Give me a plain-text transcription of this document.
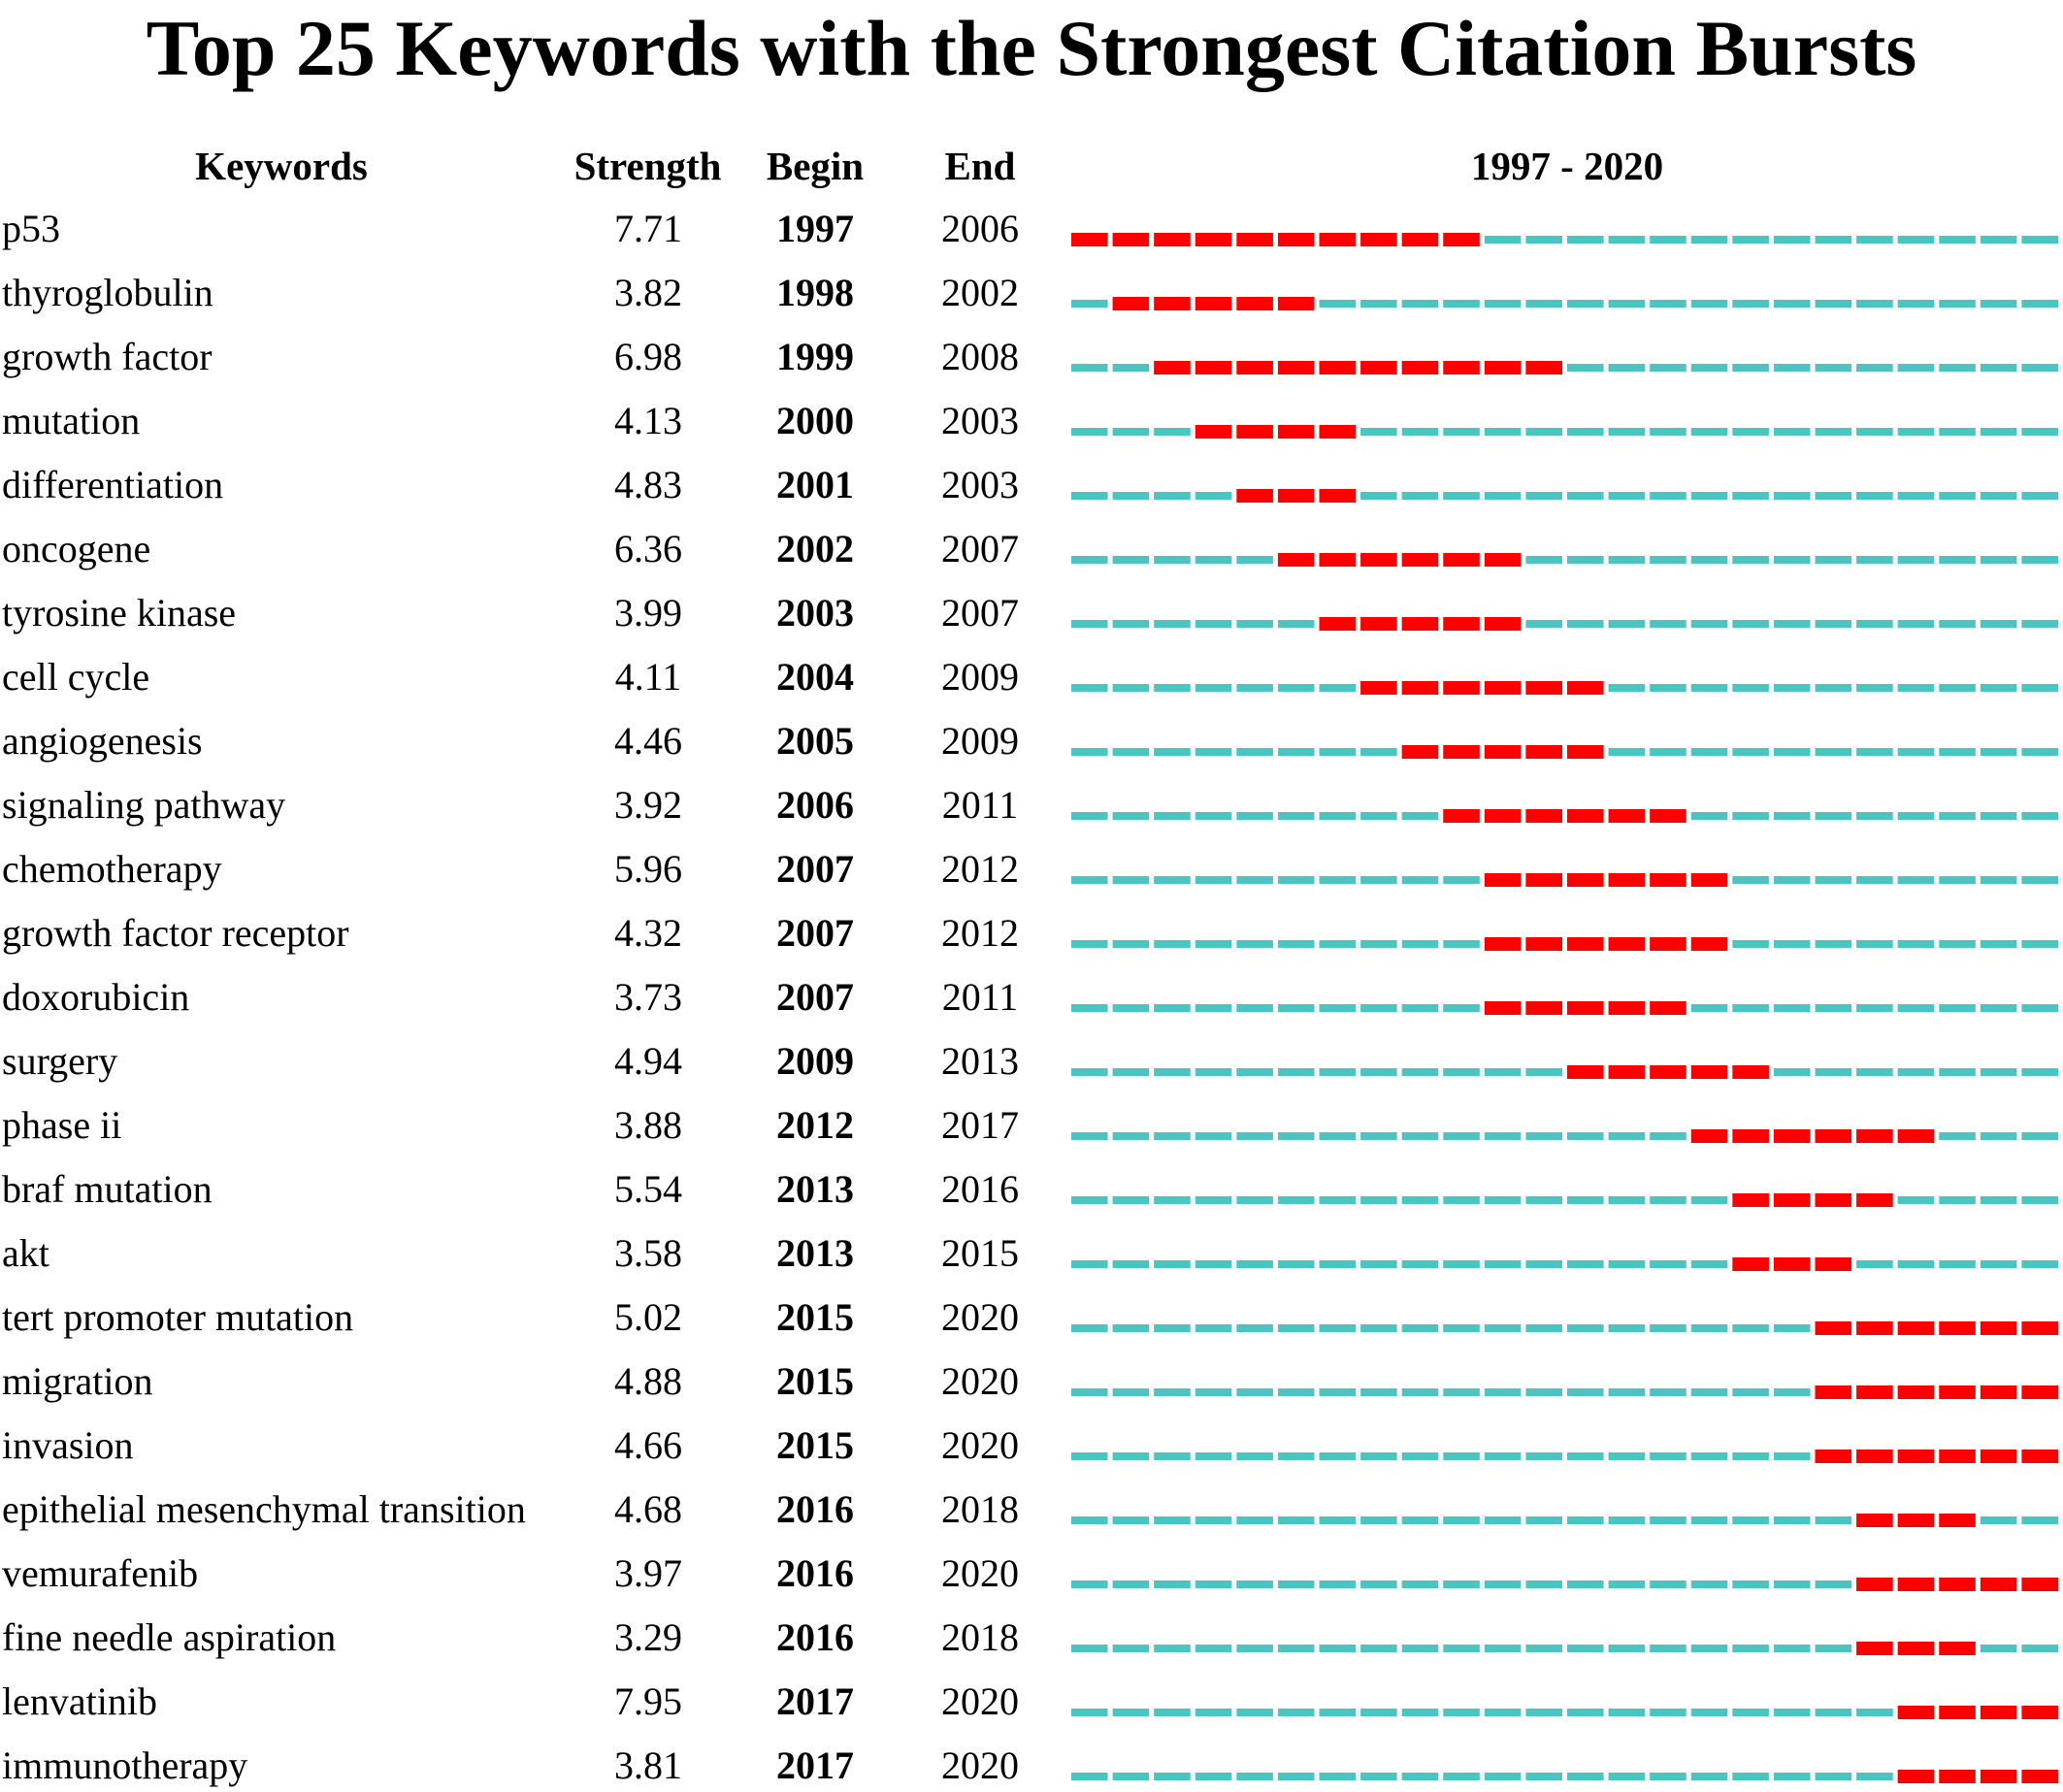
Top 25 Keywords with the Strongest Citation Bursts
Keywords	Strength	Begin	End	1997 - 2020
p53	7.71	1997	2006
thyroglobulin	3.82	1998	2002
growth factor	6.98	1999	2008
mutation	4.13	2000	2003
differentiation	4.83	2001	2003
oncogene	6.36	2002	2007
tyrosine kinase	3.99	2003	2007
cell cycle	4.11	2004	2009
angiogenesis	4.46	2005	2009
signaling pathway	3.92	2006	2011
chemotherapy	5.96	2007	2012
growth factor receptor	4.32	2007	2012
doxorubicin	3.73	2007	2011
surgery	4.94	2009	2013
phase ii	3.88	2012	2017
braf mutation	5.54	2013	2016
akt	3.58	2013	2015
tert promoter mutation	5.02	2015	2020
migration	4.88	2015	2020
invasion	4.66	2015	2020
epithelial mesenchymal transition	4.68	2016	2018
vemurafenib	3.97	2016	2020
fine needle aspiration	3.29	2016	2018
lenvatinib	7.95	2017	2020
immunotherapy	3.81	2017	2020
